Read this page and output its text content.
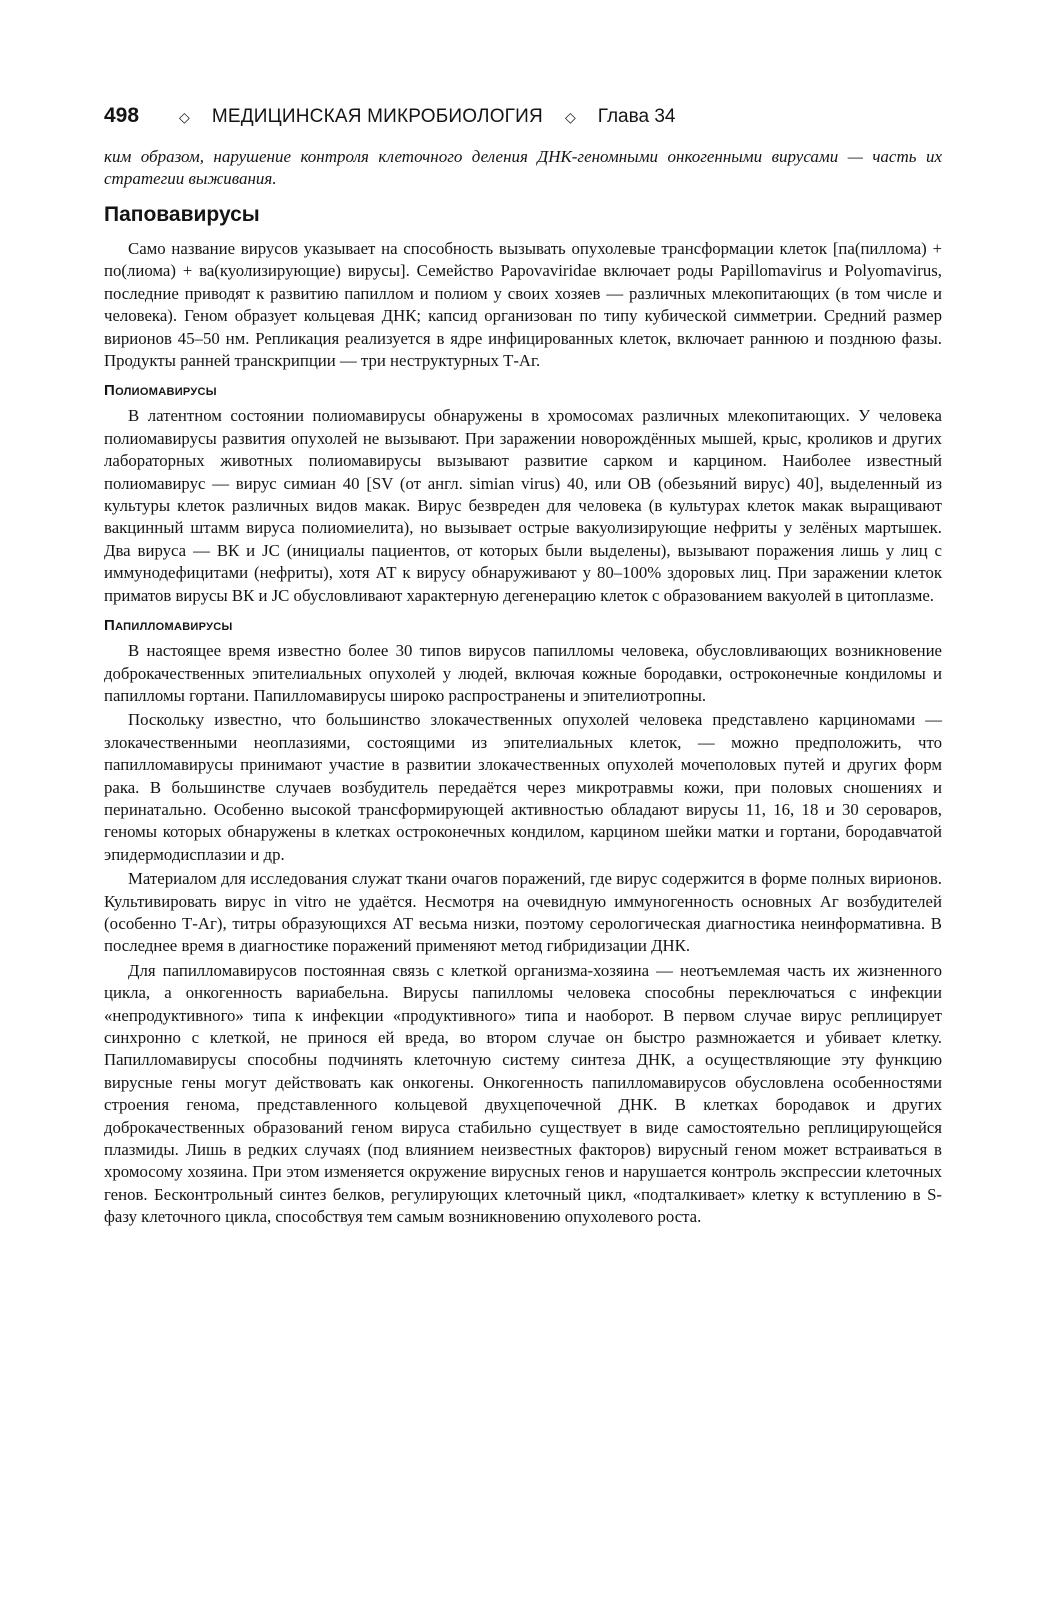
498	◇ МЕДИЦИНСКАЯ МИКРОБИОЛОГИЯ ◇ Глава 34

ким образом, нарушение контроля клеточного деления ДНК-геномными онкогенными вирусами — часть их стратегии выживания.

Паповавирусы

Само название вирусов указывает на способность вызывать опухолевые трансформации клеток [па(пиллома) + по(лиома) + ва(куолизирующие) вирусы]. Семейство Papovaviridae включает роды Papillomavirus и Polyomavirus, последние приводят к развитию папиллом и полиом у своих хозяев — различных млекопитающих (в том числе и человека). Геном образует кольцевая ДНК; капсид организован по типу кубической симметрии. Средний размер вирионов 45–50 нм. Репликация реализуется в ядре инфицированных клеток, включает раннюю и позднюю фазы. Продукты ранней транскрипции — три неструктурных Т-Аг.

Полиомавирусы

В латентном состоянии полиомавирусы обнаружены в хромосомах различных млекопитающих. У человека полиомавирусы развития опухолей не вызывают. При заражении новорождённых мышей, крыс, кроликов и других лабораторных животных полиомавирусы вызывают развитие сарком и карцином. Наиболее известный полиомавирус — вирус симиан 40 [SV (от англ. simian virus) 40, или ОВ (обезьяний вирус) 40], выделенный из культуры клеток различных видов макак. Вирус безвреден для человека (в культурах клеток макак выращивают вакцинный штамм вируса полиомиелита), но вызывает острые вакуолизирующие нефриты у зелёных мартышек. Два вируса — ВК и JC (инициалы пациентов, от которых были выделены), вызывают поражения лишь у лиц с иммунодефицитами (нефриты), хотя АТ к вирусу обнаруживают у 80–100% здоровых лиц. При заражении клеток приматов вирусы ВК и JC обусловливают характерную дегенерацию клеток с образованием вакуолей в цитоплазме.

Папилломавирусы

В настоящее время известно более 30 типов вирусов папилломы человека, обусловливающих возникновение доброкачественных эпителиальных опухолей у людей, включая кожные бородавки, остроконечные кондиломы и папилломы гортани. Папилломавирусы широко распространены и эпителиотропны.

Поскольку известно, что большинство злокачественных опухолей человека представлено карциномами — злокачественными неоплазиями, состоящими из эпителиальных клеток, — можно предположить, что папилломавирусы принимают участие в развитии злокачественных опухолей мочеполовых путей и других форм рака. В большинстве случаев возбудитель передаётся через микротравмы кожи, при половых сношениях и перинатально. Особенно высокой трансформирующей активностью обладают вирусы 11, 16, 18 и 30 сероваров, геномы которых обнаружены в клетках остроконечных кондилом, карцином шейки матки и гортани, бородавчатой эпидермодисплазии и др.

Материалом для исследования служат ткани очагов поражений, где вирус содержится в форме полных вирионов. Культивировать вирус in vitro не удаётся. Несмотря на очевидную иммуногенность основных Аг возбудителей (особенно Т-Аг), титры образующихся АТ весьма низки, поэтому серологическая диагностика неинформативна. В последнее время в диагностике поражений применяют метод гибридизации ДНК.

Для папилломавирусов постоянная связь с клеткой организма-хозяина — неотъемлемая часть их жизненного цикла, а онкогенность вариабельна. Вирусы папилломы человека способны переключаться с инфекции «непродуктивного» типа к инфекции «продуктивного» типа и наоборот. В первом случае вирус реплицирует синхронно с клеткой, не принося ей вреда, во втором случае он быстро размножается и убивает клетку. Папилломавирусы способны подчинять клеточную систему синтеза ДНК, а осуществляющие эту функцию вирусные гены могут действовать как онкогены. Онкогенность папилломавирусов обусловлена особенностями строения генома, представленного кольцевой двухцепочечной ДНК. В клетках бородавок и других доброкачественных образований геном вируса стабильно существует в виде самостоятельно реплицирующейся плазмиды. Лишь в редких случаях (под влиянием неизвестных факторов) вирусный геном может встраиваться в хромосому хозяина. При этом изменяется окружение вирусных генов и нарушается контроль экспрессии клеточных генов. Бесконтрольный синтез белков, регулирующих клеточный цикл, «подталкивает» клетку к вступлению в S-фазу клеточного цикла, способствуя тем самым возникновению опухолевого роста.
